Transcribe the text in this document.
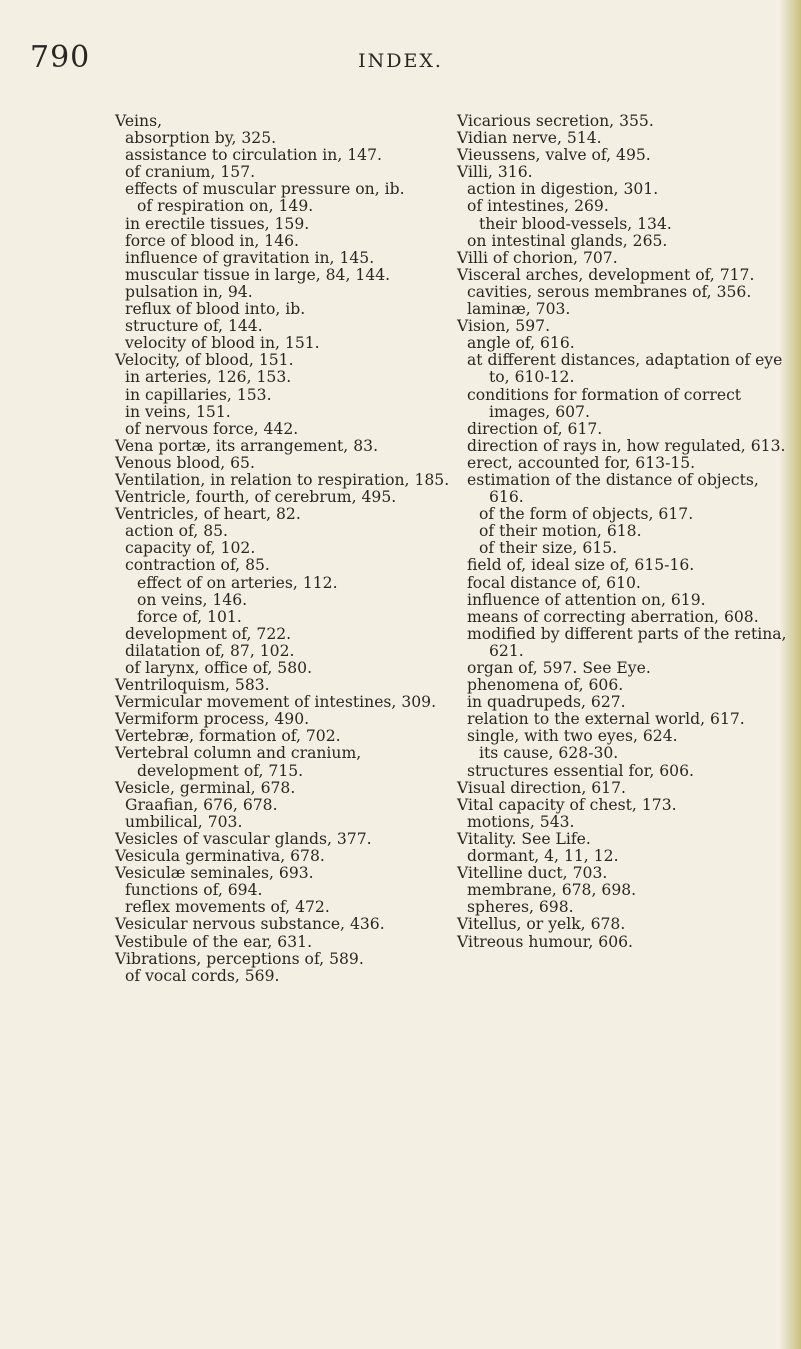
790	INDEX.

Veins,

absorption by, 325.

assistance to circulation in, 147.

of cranium, 157.

effects of muscular pressure on, ib.

of respiration on, 149.

in erectile tissues, 159.

force of blood in, 146.

influence of gravitation in, 145.

muscular tissue in large, 84, 144.

pulsation in, 94.

reflux of blood into, ib.

structure of, 144.

velocity of blood in, 151.

Velocity, of blood, 151.

in arteries, 126, 153.

in capillaries, 153.

in veins, 151.

of nervous force, 442.

Vena portæ, its arrangement, 83.

Venous blood, 65.

Ventilation, in relation to respiration, 185.

Ventricle, fourth, of cerebrum, 495.

Ventricles, of heart, 82.

action of, 85.

capacity of, 102.

contraction of, 85.

effect of on arteries, 112.

on veins, 146.

force of, 101.

development of, 722.

dilatation of, 87, 102.

of larynx, office of, 580.

Ventriloquism, 583.

Vermicular movement of intestines, 309.

Vermiform process, 490.

Vertebræ, formation of, 702.

Vertebral column and cranium, development of, 715.

Vesicle, germinal, 678.

Graafian, 676, 678.

umbilical, 703.

Vesicles of vascular glands, 377.

Vesicula germinativa, 678.

Vesiculæ seminales, 693.

functions of, 694.

reflex movements of, 472.

Vesicular nervous substance, 436.

Vestibule of the ear, 631.

Vibrations, perceptions of, 589.

of vocal cords, 569.

Vicarious secretion, 355.

Vidian nerve, 514.

Vieussens, valve of, 495.

Villi, 316.

action in digestion, 301.

of intestines, 269.

their blood-vessels, 134.

on intestinal glands, 265.

Villi of chorion, 707.

Visceral arches, development of, 717.

cavities, serous membranes of, 356.

laminæ, 703.

Vision, 597.

angle of, 616.

at different distances, adaptation of eye to, 610-12.

conditions for formation of correct images, 607.

direction of, 617.

direction of rays in, how regulated, 613.

erect, accounted for, 613-15.

estimation of the distance of objects, 616.

of the form of objects, 617.

of their motion, 618.

of their size, 615.

field of, ideal size of, 615-16.

focal distance of, 610.

influence of attention on, 619.

means of correcting aberration, 608.

modified by different parts of the retina, 621.

organ of, 597. See Eye.

phenomena of, 606.

in quadrupeds, 627.

relation to the external world, 617.

single, with two eyes, 624.

its cause, 628-30.

structures essential for, 606.

Visual direction, 617.

Vital capacity of chest, 173.

motions, 543.

Vitality. See Life.

dormant, 4, 11, 12.

Vitelline duct, 703.

membrane, 678, 698.

spheres, 698.

Vitellus, or yelk, 678.

Vitreous humour, 606.
